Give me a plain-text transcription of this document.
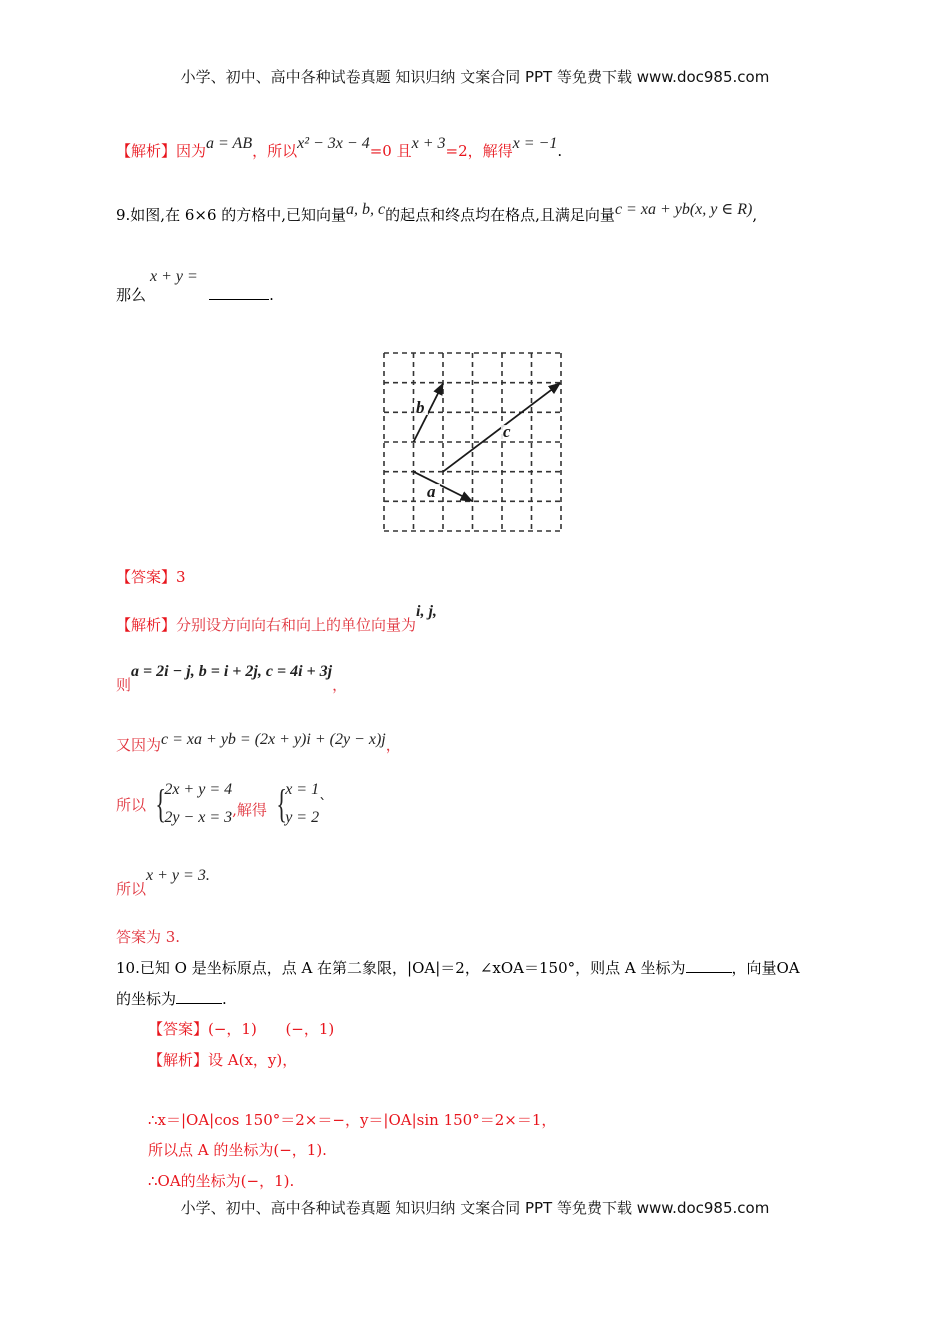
小学、初中、高中各种试卷真题 知识归纳 文案合同 PPT 等免费下载 www.doc985.com
【解析】因为a = AB，所以x² − 3x − 4=0 且x + 3=2，解得x = −1.
9.如图,在 6×6 的方格中,已知向量a, b, c的起点和终点均在格点,且满足向量c = xa + yb(x, y ∈ R),
那么
x + y =
.
b
a
c
【答案】3
【解析】分别设方向向右和向上的单位向量为i, j,
则a = 2i − j, b = i + 2j, c = 4i + 3j，
又因为c = xa + yb = (2x + y)i + (2y − x)j，
所以 {
2x + y = 4
2y − x = 3 ,解得 {
x = 1
y = 2
`
所以x + y = 3.
答案为 3.
10.已知 O 是坐标原点，点 A 在第二象限，|OA|＝2，∠xOA＝150°，则点 A 坐标为	，向量OA
的坐标为	.
【答案】(−，1)      (−，1)
【解析】设 A(x，y)，
∴x＝|OA|cos 150°＝2×＝−，y＝|OA|sin 150°＝2×＝1，
所以点 A 的坐标为(−，1).
∴OA的坐标为(−，1).
小学、初中、高中各种试卷真题 知识归纳 文案合同 PPT 等免费下载 www.doc985.com
